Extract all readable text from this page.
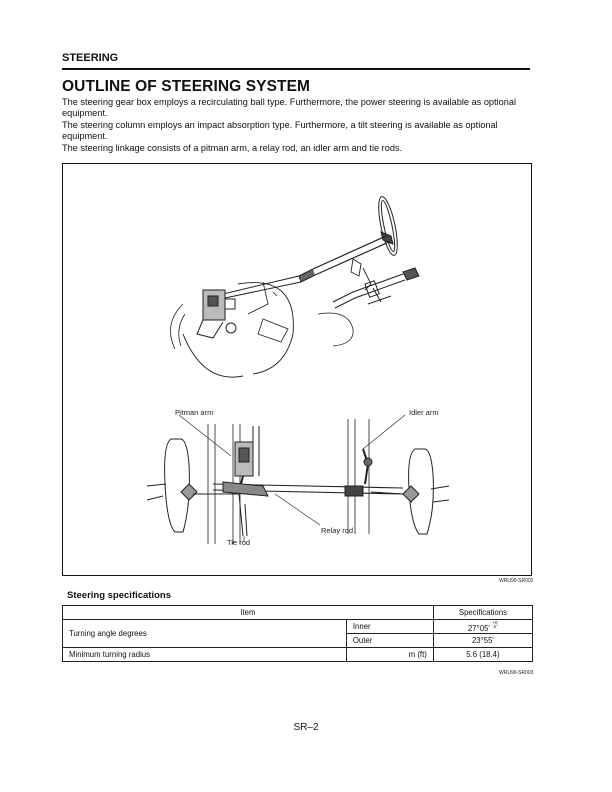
STEERING
OUTLINE OF STEERING SYSTEM

The steering gear box employs a recirculating ball type. Furthermore, the power steering is available as optional equipment.

The steering column employs an impact absorption type. Furthermore, a tilt steering is available as optional equipment.

The steering linkage consists of a pitman arm, a relay rod, an idler arm and tie rods.

Pitman arm	Idler arm
Relay rod
Tie rod
WRU90-SR002
Steering specifications
Item		Specifications
Turning angle degrees	Inner	27°05' $^{+0 -2^\circ}$
	Outer	23°55'
Minimum turning radius	m (ft)	5.6 (18.4)
WRU90-SR003
SR–2
